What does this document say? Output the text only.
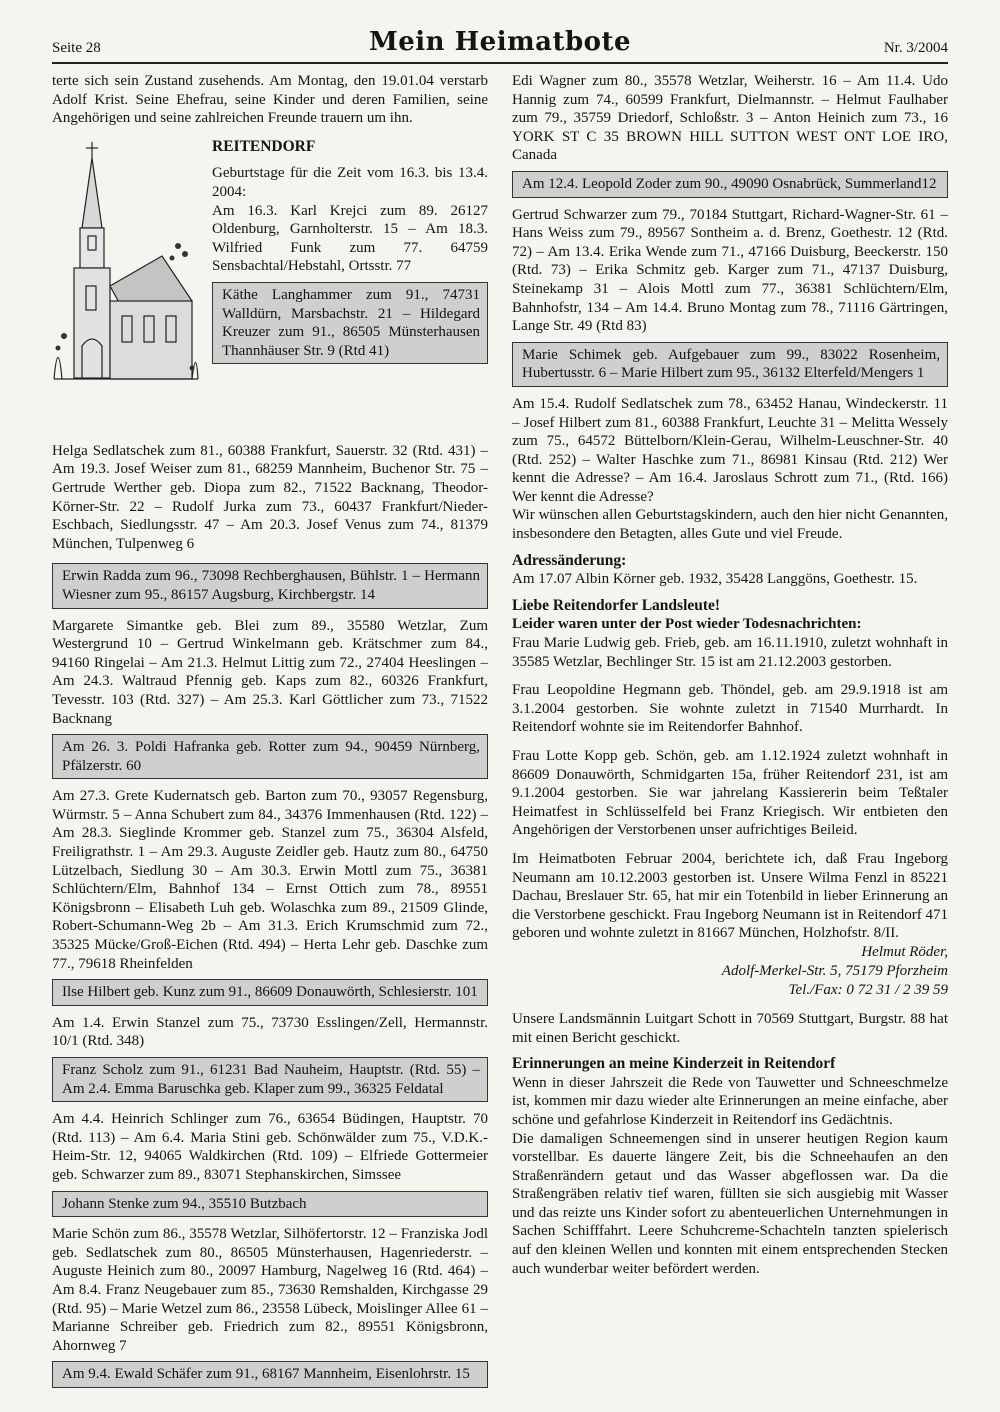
Seite 28	Mein Heimatbote	Nr. 3/2004

terte sich sein Zustand zusehends. Am Montag, den 19.01.04 verstarb Adolf Krist. Seine Ehefrau, seine Kinder und deren Familien, seine Angehörigen und seine zahlreichen Freunde trauern um ihn.

REITENDORF

Geburtstage für die Zeit vom 16.3. bis 13.4. 2004:

Am 16.3. Karl Krejci zum 89. 26127 Oldenburg, Garnholterstr. 15 – Am 18.3. Wilfried Funk zum 77. 64759 Sensbachtal/Hebstahl, Ortsstr. 77

Käthe Langhammer zum 91., 74731 Walldürn, Marsbachstr. 21 – Hildegard Kreuzer zum 91., 86505 Münsterhausen Thannhäuser Str. 9 (Rtd 41)

Helga Sedlatschek zum 81., 60388 Frankfurt, Sauerstr. 32 (Rtd. 431) – Am 19.3. Josef Weiser zum 81., 68259 Mannheim, Buchenor Str. 75 – Gertrude Werther geb. Diopa zum 82., 71522 Backnang, Theodor-Körner-Str. 22 – Rudolf Jurka zum 73., 60437 Frankfurt/Nieder-Eschbach, Siedlungsstr. 47 – Am 20.3. Josef Venus zum 74., 81379 München, Tulpenweg 6

Erwin Radda zum 96., 73098 Rechberghausen, Bühlstr. 1 – Hermann Wiesner zum 95., 86157 Augsburg, Kirchbergstr. 14

Margarete Simantke geb. Blei zum 89., 35580 Wetzlar, Zum Westergrund 10 – Gertrud Winkelmann geb. Krätschmer zum 84., 94160 Ringelai – Am 21.3. Helmut Littig zum 72., 27404 Heeslingen – Am 24.3. Waltraud Pfennig geb. Kaps zum 82., 60326 Frankfurt, Tevesstr. 103 (Rtd. 327) – Am 25.3. Karl Göttlicher zum 73., 71522 Backnang

Am 26. 3. Poldi Hafranka geb. Rotter zum 94., 90459 Nürnberg, Pfälzerstr. 60

Am 27.3. Grete Kudernatsch geb. Barton zum 70., 93057 Regensburg, Würmstr. 5 – Anna Schubert zum 84., 34376 Immenhausen (Rtd. 122) – Am 28.3. Sieglinde Krommer geb. Stanzel zum 75., 36304 Alsfeld, Freiligrathstr. 1 – Am 29.3. Auguste Zeidler geb. Hautz zum 80., 64750 Lützelbach, Siedlung 30 – Am 30.3. Erwin Mottl zum 75., 36381 Schlüchtern/Elm, Bahnhof 134 – Ernst Ottich zum 78., 89551 Königsbronn – Elisabeth Luh geb. Wolaschka zum 89., 21509 Glinde, Robert-Schumann-Weg 2b – Am 31.3. Erich Krumschmid zum 72., 35325 Mücke/Groß-Eichen (Rtd. 494) – Herta Lehr geb. Daschke zum 77., 79618 Rheinfelden

Ilse Hilbert geb. Kunz zum 91., 86609 Donauwörth, Schlesierstr. 101

Am 1.4. Erwin Stanzel zum 75., 73730 Esslingen/Zell, Hermannstr. 10/1 (Rtd. 348)

Franz Scholz zum 91., 61231 Bad Nauheim, Hauptstr. (Rtd. 55) – Am 2.4. Emma Baruschka geb. Klaper zum 99., 36325 Feldatal

Am 4.4. Heinrich Schlinger zum 76., 63654 Büdingen, Hauptstr. 70 (Rtd. 113) – Am 6.4. Maria Stini geb. Schönwälder zum 75., V.D.K.-Heim-Str. 12, 94065 Waldkirchen (Rtd. 109) – Elfriede Gottermeier geb. Schwarzer zum 89., 83071 Stephanskirchen, Simssee

Johann Stenke zum 94., 35510 Butzbach

Marie Schön zum 86., 35578 Wetzlar, Silhöfertorstr. 12 – Franziska Jodl geb. Sedlatschek zum 80., 86505 Münsterhausen, Hagenriederstr. – Auguste Heinich zum 80., 20097 Hamburg, Nagelweg 16 (Rtd. 464) – Am 8.4. Franz Neugebauer zum 85., 73630 Remshalden, Kirchgasse 29 (Rtd. 95) – Marie Wetzel zum 86., 23558 Lübeck, Moislinger Allee 61 – Marianne Schreiber geb. Friedrich zum 82., 89551 Königsbronn, Ahornweg 7

Am 9.4. Ewald Schäfer zum 91., 68167 Mannheim, Eisenlohrstr. 15

Edi Wagner zum 80., 35578 Wetzlar, Weiherstr. 16 – Am 11.4. Udo Hannig zum 74., 60599 Frankfurt, Dielmannstr. – Helmut Faulhaber zum 79., 35759 Driedorf, Schloßstr. 3 – Anton Heinich zum 73., 16 YORK ST C 35 BROWN HILL SUTTON WEST ONT LOE IRO, Canada

Am 12.4. Leopold Zoder zum 90., 49090 Osnabrück, Summerland12

Gertrud Schwarzer zum 79., 70184 Stuttgart, Richard-Wagner-Str. 61 – Hans Weiss zum 79., 89567 Sontheim a. d. Brenz, Goethestr. 12 (Rtd. 72) – Am 13.4. Erika Wende zum 71., 47166 Duisburg, Beeckerstr. 150 (Rtd. 73) – Erika Schmitz geb. Karger zum 71., 47137 Duisburg, Steinekamp 31 – Alois Mottl zum 77., 36381 Schlüchtern/Elm, Bahnhofstr, 134 – Am 14.4. Bruno Montag zum 78., 71116 Gärtringen, Lange Str. 49 (Rtd 83)

Marie Schimek geb. Aufgebauer zum 99., 83022 Rosenheim, Hubertusstr. 6 – Marie Hilbert zum 95., 36132 Elterfeld/Mengers 1

Am 15.4. Rudolf Sedlatschek zum 78., 63452 Hanau, Windeckerstr. 11 – Josef Hilbert zum 81., 60388 Frankfurt, Leuchte 31 – Melitta Wessely zum 75., 64572 Büttelborn/Klein-Gerau, Wilhelm-Leuschner-Str. 40 (Rtd. 252) – Walter Haschke zum 71., 86981 Kinsau (Rtd. 212) Wer kennt die Adresse? – Am 16.4. Jaroslaus Schrott zum 71., (Rtd. 166) Wer kennt die Adresse?

Wir wünschen allen Geburtstagskindern, auch den hier nicht Genannten, insbesondere den Betagten, alles Gute und viel Freude.

Adressänderung:

Am 17.07 Albin Körner geb. 1932, 35428 Langgöns, Goethestr. 15.

Liebe Reitendorfer Landsleute!

Leider waren unter der Post wieder Todesnachrichten:

Frau Marie Ludwig geb. Frieb, geb. am 16.11.1910, zuletzt wohnhaft in 35585 Wetzlar, Bechlinger Str. 15 ist am 21.12.2003 gestorben.

Frau Leopoldine Hegmann geb. Thöndel, geb. am 29.9.1918 ist am 3.1.2004 gestorben. Sie wohnte zuletzt in 71540 Murrhardt. In Reitendorf wohnte sie im Reitendorfer Bahnhof.

Frau Lotte Kopp geb. Schön, geb. am 1.12.1924 zuletzt wohnhaft in 86609 Donauwörth, Schmidgarten 15a, früher Reitendorf 231, ist am 9.1.2004 gestorben. Sie war jahrelang Kassiererin beim Teßtaler Heimatfest in Schlüsselfeld bei Franz Kriegisch. Wir entbieten den Angehörigen der Verstorbenen unser aufrichtiges Beileid.

Im Heimatboten Februar 2004, berichtete ich, daß Frau Ingeborg Neumann am 10.12.2003 gestorben ist. Unsere Wilma Fenzl in 85221 Dachau, Breslauer Str. 65, hat mir ein Totenbild in lieber Erinnerung an die Verstorbene geschickt. Frau Ingeborg Neumann ist in Reitendorf 471 geboren und wohnte zuletzt in 81667 München, Holzhofstr. 8/II.

Helmut Röder,
Adolf-Merkel-Str. 5, 75179 Pforzheim
Tel./Fax: 0 72 31 / 2 39 59

Unsere Landsmännin Luitgart Schott in 70569 Stuttgart, Burgstr. 88 hat mit einen Bericht geschickt.

Erinnerungen an meine Kinderzeit in Reitendorf

Wenn in dieser Jahrszeit die Rede von Tauwetter und Schneeschmelze ist, kommen mir dazu wieder alte Erinnerungen an meine einfache, aber schöne und gefahrlose Kinderzeit in Reitendorf ins Gedächtnis.

Die damaligen Schneemengen sind in unserer heutigen Region kaum vorstellbar. Es dauerte längere Zeit, bis die Schneehaufen an den Straßenrändern getaut und das Wasser abgeflossen war. Da die Straßengräben relativ tief waren, füllten sie sich ausgiebig mit Wasser und das reizte uns Kinder sofort zu abenteuerlichen Unternehmungen in Sachen Schifffahrt. Leere Schuhcreme-Schachteln tanzten spielerisch auf den kleinen Wellen und konnten mit einem entsprechenden Stecken auch wunderbar weiter befördert werden.
